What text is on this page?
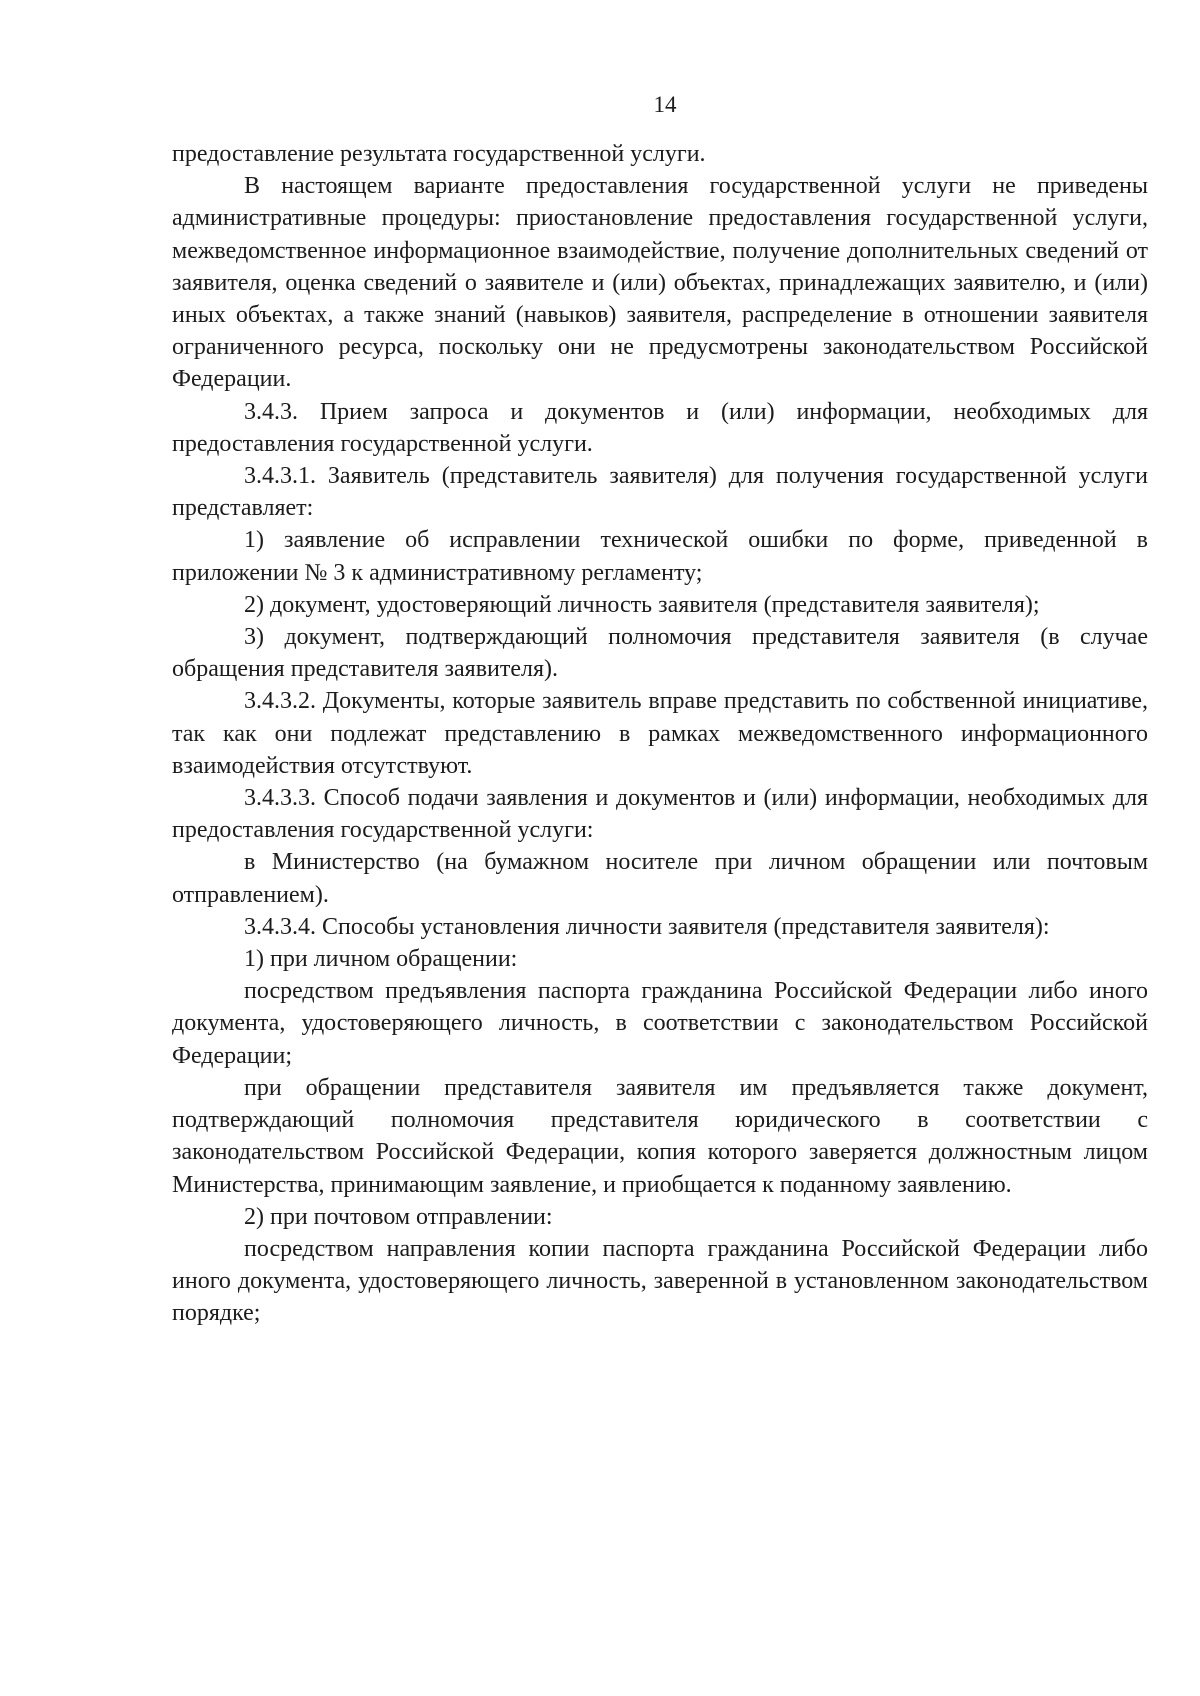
14

предоставление результата государственной услуги.

В настоящем варианте предоставления государственной услуги не приведены административные процедуры: приостановление предоставления государственной услуги, межведомственное информационное взаимодействие, получение дополнительных сведений от заявителя, оценка сведений о заявителе и (или) объектах, принадлежащих заявителю, и (или) иных объектах, а также знаний (навыков) заявителя, распределение в отношении заявителя ограниченного ресурса, поскольку они не предусмотрены законодательством Российской Федерации.

3.4.3. Прием запроса и документов и (или) информации, необходимых для предоставления государственной услуги.

3.4.3.1. Заявитель (представитель заявителя) для получения государственной услуги представляет:

1) заявление об исправлении технической ошибки по форме, приведенной в приложении № 3 к административному регламенту;

2) документ, удостоверяющий личность заявителя (представителя заявителя);

3) документ, подтверждающий полномочия представителя заявителя (в случае обращения представителя заявителя).

3.4.3.2. Документы, которые заявитель вправе представить по собственной инициативе, так как они подлежат представлению в рамках межведомственного информационного взаимодействия отсутствуют.

3.4.3.3. Способ подачи заявления и документов и (или) информации, необходимых для предоставления государственной услуги:

в Министерство (на бумажном носителе при личном обращении или почтовым отправлением).

3.4.3.4. Способы установления личности заявителя (представителя заявителя):

1) при личном обращении:

посредством предъявления паспорта гражданина Российской Федерации либо иного документа, удостоверяющего личность, в соответствии с законодательством Российской Федерации;

при обращении представителя заявителя им предъявляется также документ, подтверждающий полномочия представителя юридического в соответствии с законодательством Российской Федерации, копия которого заверяется должностным лицом Министерства, принимающим заявление, и приобщается к поданному заявлению.

2) при почтовом отправлении:

посредством направления копии паспорта гражданина Российской Федерации либо иного документа, удостоверяющего личность, заверенной в установленном законодательством порядке;
